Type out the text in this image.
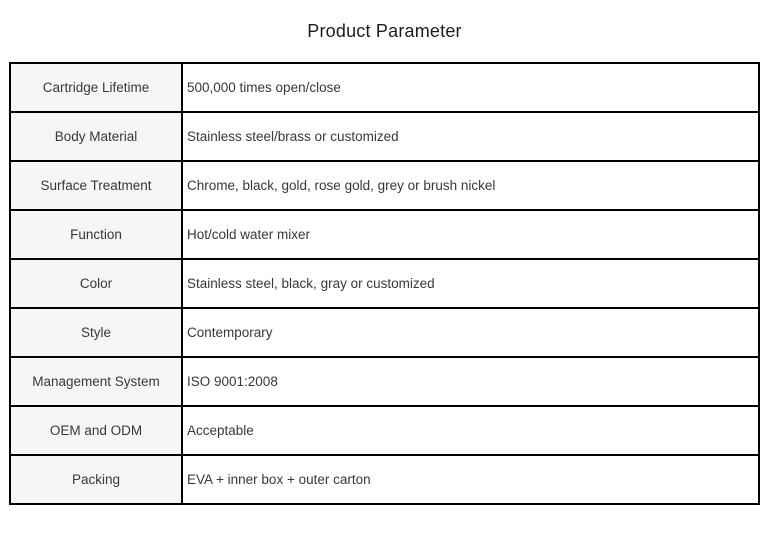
Product Parameter
Cartridge Lifetime	500,000 times open/close
Body Material	Stainless steel/brass or customized
Surface Treatment	Chrome, black, gold, rose gold, grey or brush nickel
Function	Hot/cold water mixer
Color	Stainless steel, black, gray or customized
Style	Contemporary
Management System	ISO 9001:2008
OEM and ODM	Acceptable
Packing	EVA + inner box + outer carton
